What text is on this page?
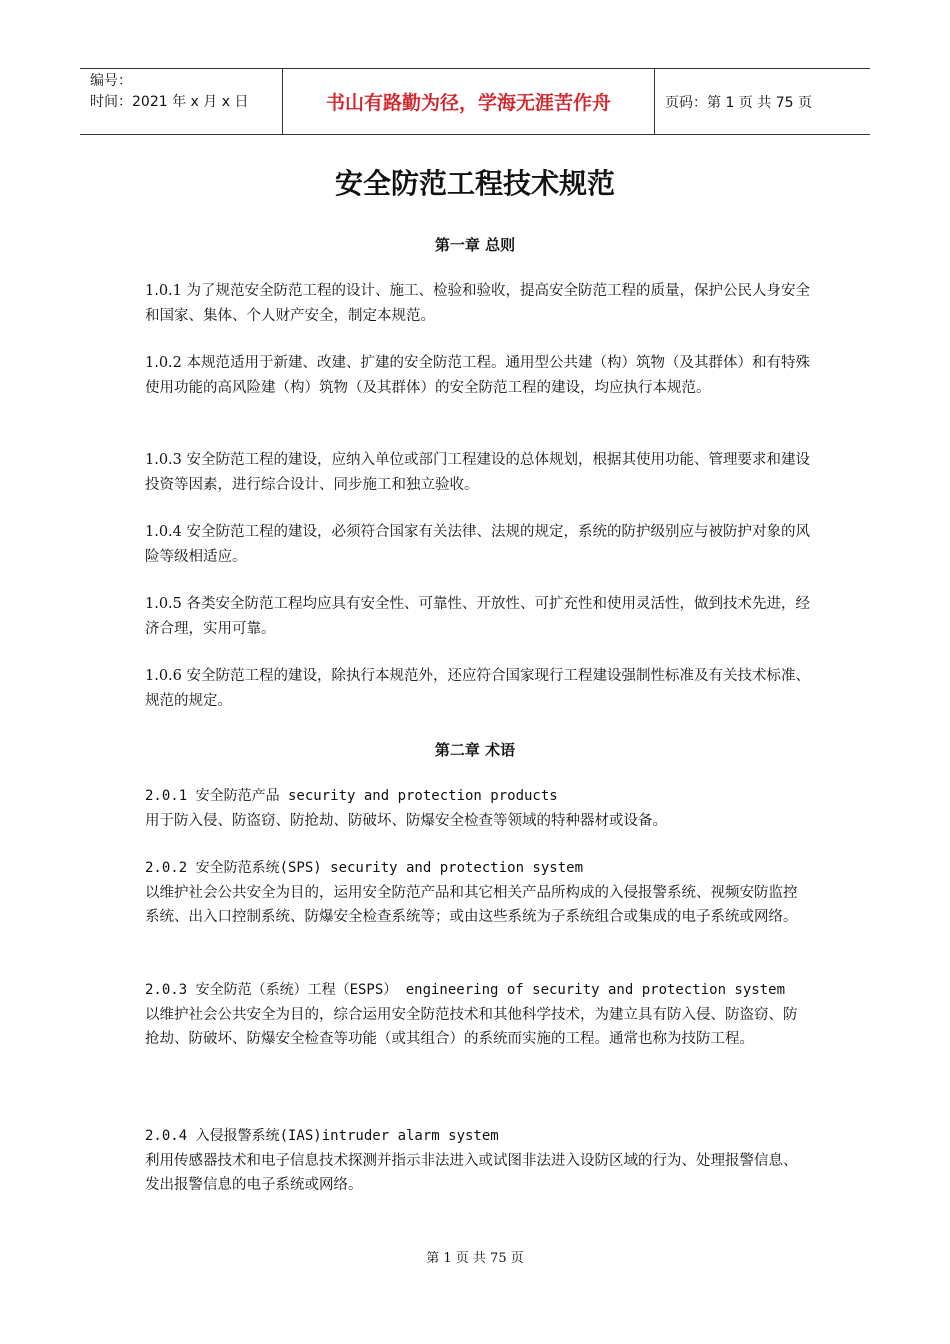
编号：
时间：2021 年 x 月 x 日	书山有路勤为径，学海无涯苦作舟	页码：第 1 页 共 75 页
安全防范工程技术规范
第一章 总则

1.0.1 为了规范安全防范工程的设计、施工、检验和验收，提高安全防范工程的质量，保护公民人身安全和国家、集体、个人财产安全，制定本规范。

1.0.2 本规范适用于新建、改建、扩建的安全防范工程。通用型公共建（构）筑物（及其群体）和有特殊使用功能的高风险建（构）筑物（及其群体）的安全防范工程的建设，均应执行本规范。

1.0.3 安全防范工程的建设，应纳入单位或部门工程建设的总体规划，根据其使用功能、管理要求和建设投资等因素，进行综合设计、同步施工和独立验收。

1.0.4 安全防范工程的建设，必须符合国家有关法律、法规的规定，系统的防护级别应与被防护对象的风险等级相适应。

1.0.5 各类安全防范工程均应具有安全性、可靠性、开放性、可扩充性和使用灵活性，做到技术先进，经济合理，实用可靠。

1.0.6 安全防范工程的建设，除执行本规范外，还应符合国家现行工程建设强制性标准及有关技术标准、规范的规定。

第二章 术语
2.0.1 安全防范产品 security and protection products
用于防入侵、防盗窃、防抢劫、防破坏、防爆安全检查等领域的特种器材或设备。
2.0.2 安全防范系统(SPS) security and protection system
以维护社会公共安全为目的，运用安全防范产品和其它相关产品所构成的入侵报警系统、视频安防监控系统、出入口控制系统、防爆安全检查系统等；或由这些系统为子系统组合或集成的电子系统或网络。
2.0.3 安全防范（系统）工程（ESPS） engineering of security and protection system
以维护社会公共安全为目的，综合运用安全防范技术和其他科学技术，为建立具有防入侵、防盗窃、防抢劫、防破坏、防爆安全检查等功能（或其组合）的系统而实施的工程。通常也称为技防工程。
2.0.4 入侵报警系统(IAS)intruder alarm system
利用传感器技术和电子信息技术探测并指示非法进入或试图非法进入设防区域的行为、处理报警信息、发出报警信息的电子系统或网络。
第 1 页 共 75 页
